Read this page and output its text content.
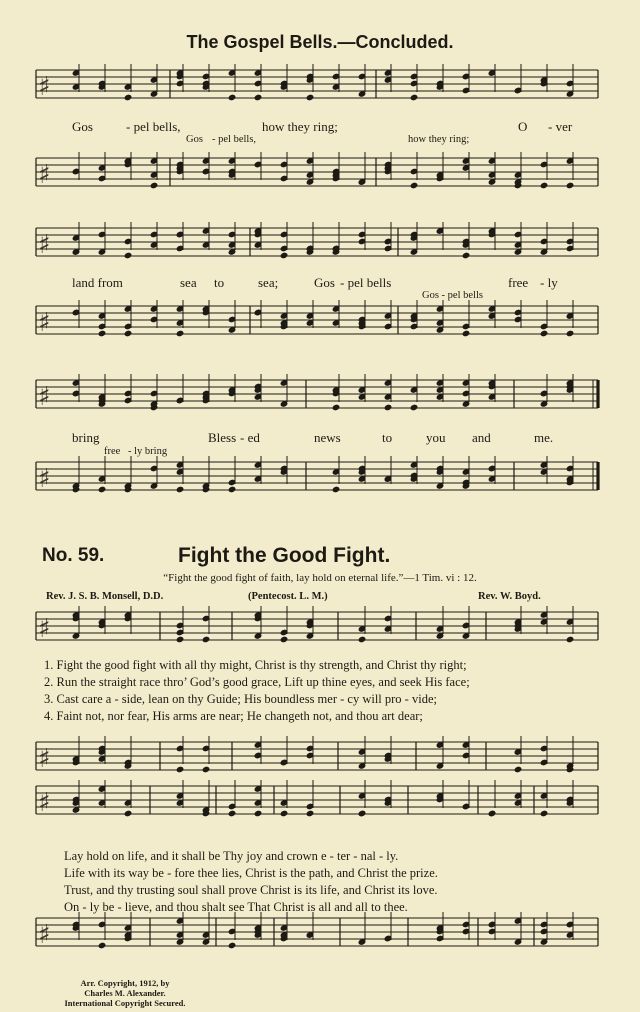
♯
♯
♯
♯
♯
♯
♯
♯
♯
♯
The Gospel Bells.—Concluded.
Gos	- pel bells,	how they ring;	O - ver
Gos - pel bells,	how they ring;
land from	sea to	sea;	Gos - pel bells	free - ly
Gos - pel bells
bring	Bless - ed	news	to	you and	me.
free - ly bring
No. 59.	Fight the Good Fight.
“Fight the good fight of faith, lay hold on eternal life.”—1 Tim. vi : 12.
Rev. J. S. B. Monsell, D.D.	(Pentecost. L. M.)	Rev. W. Boyd.
1. Fight the good fight with all thy might, Christ is thy strength, and Christ thy right;
2. Run the straight race thro’ God’s good grace, Lift up thine eyes, and seek His face;
3. Cast care a - side, lean on thy Guide; His boundless mer - cy will pro - vide;
4. Faint not, nor fear, His arms are near; He changeth not, and thou art dear;
Lay hold on life, and it shall be Thy joy and crown e - ter - nal - ly.
Life with its way be - fore thee lies, Christ is the path, and Christ the prize.
Trust, and thy trusting soul shall prove Christ is its life, and Christ its love.
On - ly be - lieve, and thou shalt see That Christ is all and all to thee.
Arr. Copyright, 1912, by
Charles M. Alexander.
International Copyright Secured.
